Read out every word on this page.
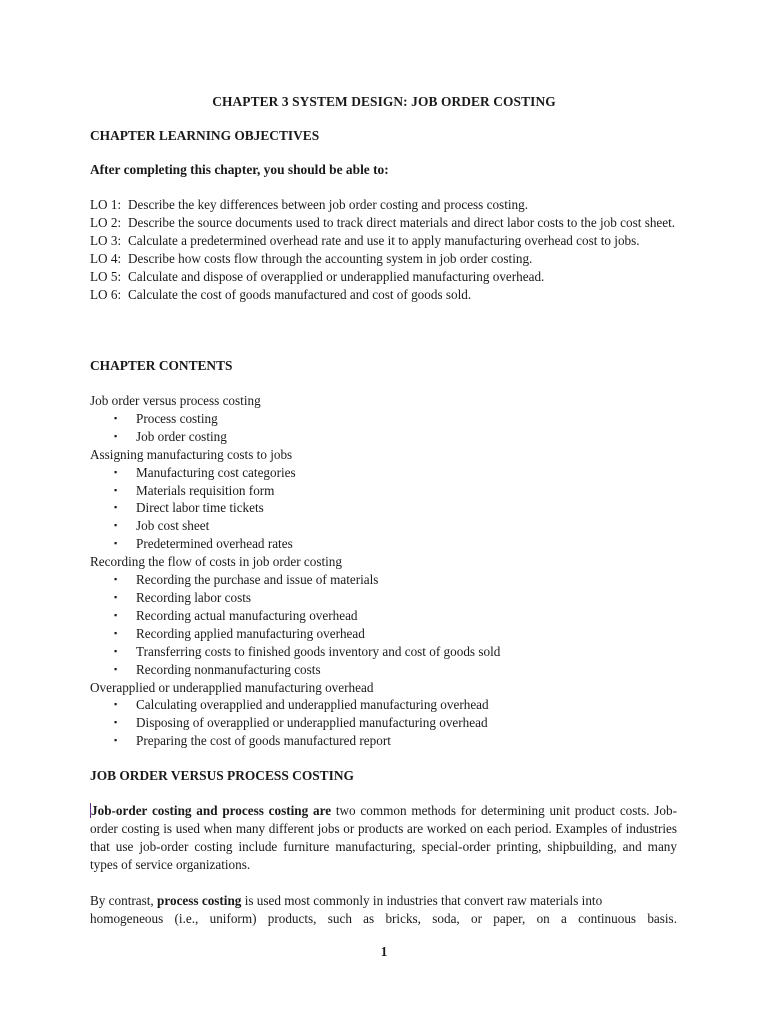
CHAPTER 3 SYSTEM DESIGN: JOB ORDER COSTING
CHAPTER LEARNING OBJECTIVES
After completing this chapter, you should be able to:
LO 1: Describe the key differences between job order costing and process costing.
LO 2: Describe the source documents used to track direct materials and direct labor costs to the job cost sheet.
LO 3: Calculate a predetermined overhead rate and use it to apply manufacturing overhead cost to jobs.
LO 4: Describe how costs flow through the accounting system in job order costing.
LO 5: Calculate and dispose of overapplied or underapplied manufacturing overhead.
LO 6: Calculate the cost of goods manufactured and cost of goods sold.
CHAPTER CONTENTS
Job order versus process costing
▪	Process costing
▪	Job order costing
Assigning manufacturing costs to jobs
▪	Manufacturing cost categories
▪	Materials requisition form
▪	Direct labor time tickets
▪	Job cost sheet
▪	Predetermined overhead rates
Recording the flow of costs in job order costing
▪	Recording the purchase and issue of materials
▪	Recording labor costs
▪	Recording actual manufacturing overhead
▪	Recording applied manufacturing overhead
▪	Transferring costs to finished goods inventory and cost of goods sold
▪	Recording nonmanufacturing costs
Overapplied or underapplied manufacturing overhead
▪	Calculating overapplied and underapplied manufacturing overhead
▪	Disposing of overapplied or underapplied manufacturing overhead
▪	Preparing the cost of goods manufactured report
JOB ORDER VERSUS PROCESS COSTING
Job-order costing and process costing are two common methods for determining unit product costs. Job-order costing is used when many different jobs or products are worked on each period. Examples of industries that use job-order costing include furniture manufacturing, special-order printing, shipbuilding, and many types of service organizations.
By contrast, process costing is used most commonly in industries that convert raw materials into
homogeneous (i.e., uniform) products, such as bricks, soda, or paper, on a continuous basis.
1
